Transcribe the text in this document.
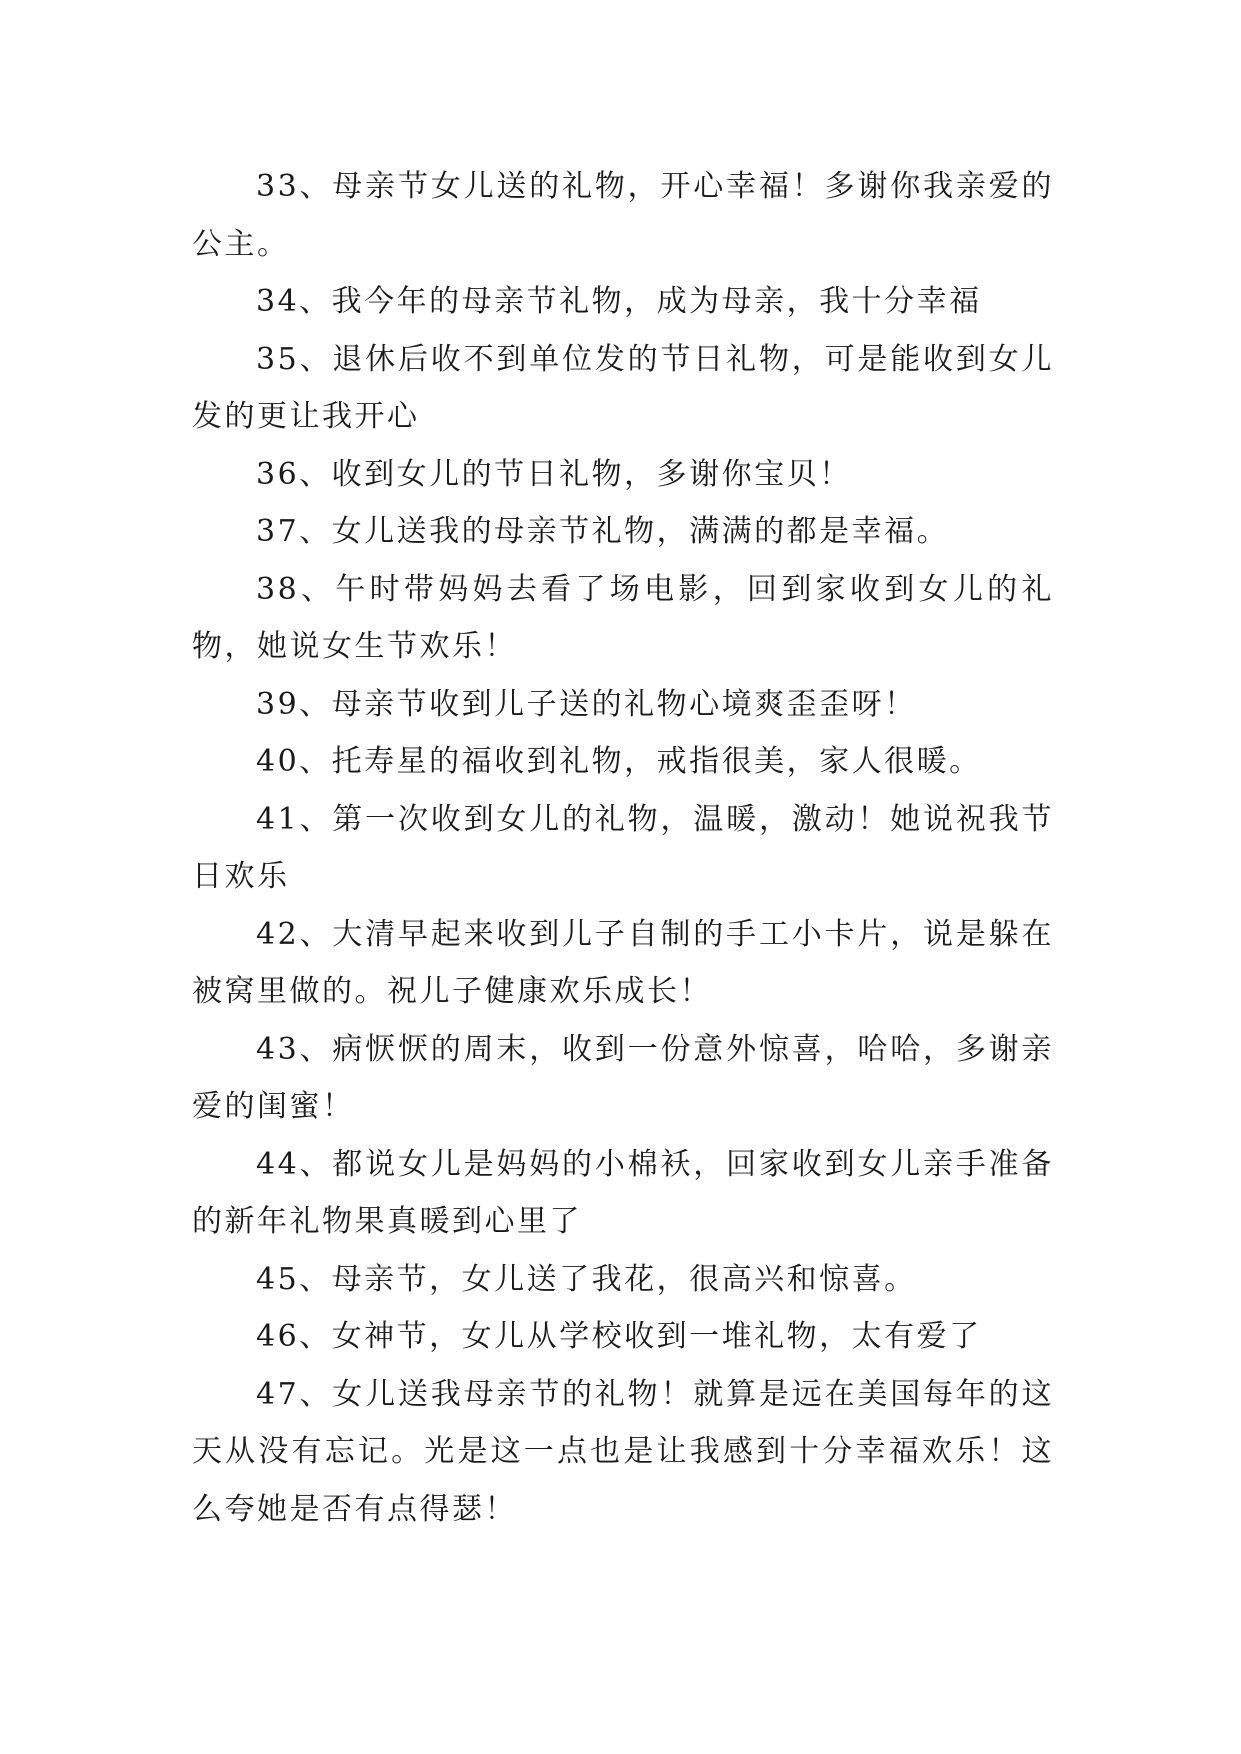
33、母亲节女儿送的礼物，开心幸福！多谢你我亲爱的公主。

34、我今年的母亲节礼物，成为母亲，我十分幸福

35、退休后收不到单位发的节日礼物，可是能收到女儿发的更让我开心

36、收到女儿的节日礼物，多谢你宝贝！

37、女儿送我的母亲节礼物，满满的都是幸福。

38、午时带妈妈去看了场电影，回到家收到女儿的礼物，她说女生节欢乐！

39、母亲节收到儿子送的礼物心境爽歪歪呀！

40、托寿星的福收到礼物，戒指很美，家人很暖。

41、第一次收到女儿的礼物，温暖，激动！她说祝我节日欢乐

42、大清早起来收到儿子自制的手工小卡片，说是躲在被窝里做的。祝儿子健康欢乐成长！

43、病恹恹的周末，收到一份意外惊喜，哈哈，多谢亲爱的闺蜜！

44、都说女儿是妈妈的小棉袄，回家收到女儿亲手准备的新年礼物果真暖到心里了

45、母亲节，女儿送了我花，很高兴和惊喜。

46、女神节，女儿从学校收到一堆礼物，太有爱了

47、女儿送我母亲节的礼物！就算是远在美国每年的这天从没有忘记。光是这一点也是让我感到十分幸福欢乐！这么夸她是否有点得瑟！
